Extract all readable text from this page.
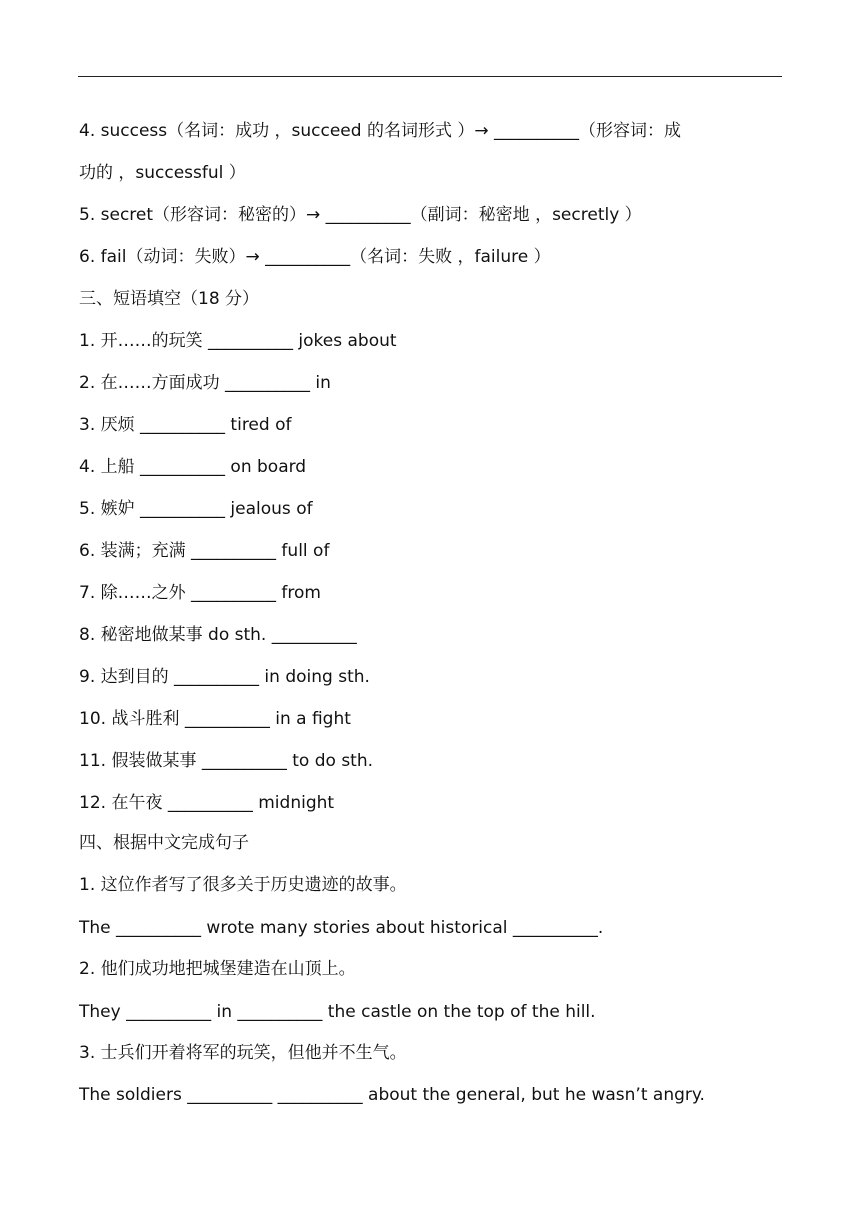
4. success（名词：成功 ，succeed 的名词形式 ）→ __________（形容词：成
功的 ，successful ）
5. secret（形容词：秘密的）→ __________（副词：秘密地 ，secretly ）
6. fail（动词：失败）→ __________（名词：失败 ，failure ）
三、短语填空（18 分）
1. 开……的玩笑 __________ jokes about
2. 在……方面成功 __________ in
3. 厌烦 __________ tired of
4. 上船 __________ on board
5. 嫉妒 __________ jealous of
6. 装满；充满 __________ full of
7. 除……之外 __________ from
8. 秘密地做某事 do sth. __________
9. 达到目的 __________ in doing sth.
10. 战斗胜利 __________ in a fight
11. 假装做某事 __________ to do sth.
12. 在午夜 __________ midnight
四、根据中文完成句子
1. 这位作者写了很多关于历史遗迹的故事。
The __________ wrote many stories about historical __________.
2. 他们成功地把城堡建造在山顶上。
They __________ in __________ the castle on the top of the hill.
3. 士兵们开着将军的玩笑，但他并不生气。
The soldiers __________ __________ about the general, but he wasn’t angry.
